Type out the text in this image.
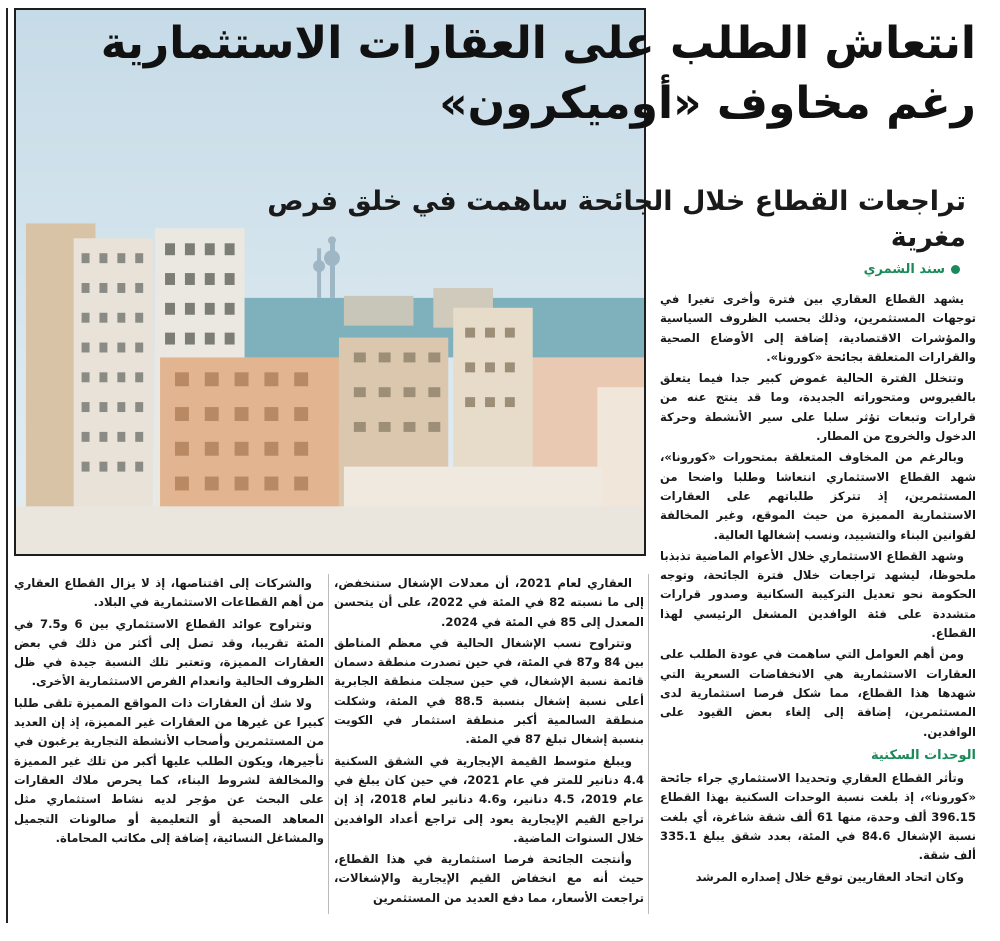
انتعاش الطلب على العقارات الاستثمارية
رغم مخاوف «أوميكرون»
تراجعات القطاع خلال الجائحة ساهمت في خلق فرص مغرية
سند الشمري

يشهد القطاع العقاري بين فترة وأخرى تغيرا في توجهات المستثمرين، وذلك بحسب الظروف السياسية والمؤشرات الاقتصادية، إضافة إلى الأوضاع الصحية والقرارات المتعلقة بجائحة «كورونا».

وتتخلل الفترة الحالية غموض كبير جدا فيما يتعلق بالفيروس ومتحوراته الجديدة، وما قد ينتج عنه من قرارات وتبعات تؤثر سلبا على سير الأنشطة وحركة الدخول والخروج من المطار.

وبالرغم من المخاوف المتعلقة بمتحورات «كورونا»، شهد القطاع الاستثماري انتعاشا وطلبا واضحا من المستثمرين، إذ تتركز طلباتهم على العقارات الاستثمارية المميزة من حيث الموقع، وغير المخالفة لقوانين البناء والتشييد، ونسب إشغالها العالية.

وشهد القطاع الاستثماري خلال الأعوام الماضية تذبذبا ملحوظا، ليشهد تراجعات خلال فترة الجائحة، وتوجه الحكومة نحو تعديل التركيبة السكانية وصدور قرارات متشددة على فئة الوافدين المشغل الرئيسي لهذا القطاع.

ومن أهم العوامل التي ساهمت في عودة الطلب على العقارات الاستثمارية هي الانخفاضات السعرية التي شهدها هذا القطاع، مما شكل فرصا استثمارية لدى المستثمرين، إضافة إلى إلغاء بعض القيود على الوافدين.

الوحدات السكنية

وتأثر القطاع العقاري وتحديدا الاستثماري جراء جائحة «كورونا»، إذ بلغت نسبة الوحدات السكنية بهذا القطاع 396.15 ألف وحدة، منها 61 ألف شقة شاغرة، أي بلغت نسبة الإشغال 84.6 في المئة، بعدد شقق يبلغ 335.1 ألف شقة.

وكان اتحاد العقاريين توقع خلال إصداره المرشد

العقاري لعام 2021، أن معدلات الإشغال ستنخفض، إلى ما نسبته 82 في المئة في 2022، على أن يتحسن المعدل إلى 85 في المئة في 2024.

وتتراوح نسب الإشغال الحالية في معظم المناطق بين 84 و87 في المئة، في حين تصدرت منطقة دسمان قائمة نسبة الإشغال، في حين سجلت منطقة الجابرية أعلى نسبة إشغال بنسبة 88.5 في المئة، وشكلت منطقة السالمية أكبر منطقة استثمار في الكويت بنسبة إشغال تبلغ 87 في المئة.

ويبلغ متوسط القيمة الإيجارية في الشقق السكنية 4.4 دنانير للمتر في عام 2021، في حين كان يبلغ في عام 2019، 4.5 دنانير، و4.6 دنانير لعام 2018، إذ إن تراجع القيم الإيجارية يعود إلى تراجع أعداد الوافدين خلال السنوات الماضية.

وأنتجت الجائحة فرصا استثمارية في هذا القطاع، حيث أنه مع انخفاض القيم الإيجارية والإشغالات، تراجعت الأسعار، مما دفع العديد من المستثمرين

والشركات إلى اقتناصها، إذ لا يزال القطاع العقاري من أهم القطاعات الاستثمارية في البلاد.

وتتراوح عوائد القطاع الاستثماري بين 6 و7.5 في المئة تقريبا، وقد تصل إلى أكثر من ذلك في بعض العقارات المميزة، وتعتبر تلك النسبة جيدة في ظل الظروف الحالية وانعدام الفرص الاستثمارية الأخرى.

ولا شك أن العقارات ذات المواقع المميزة تلقى طلبا كبيرا عن غيرها من العقارات غير المميزة، إذ إن العديد من المستثمرين وأصحاب الأنشطة التجارية يرغبون في تأجيرها، ويكون الطلب عليها أكبر من تلك غير المميزة والمخالفة لشروط البناء، كما يحرص ملاك العقارات على البحث عن مؤجر لديه نشاط استثماري مثل المعاهد الصحية أو التعليمية أو صالونات التجميل والمشاغل النسائية، إضافة إلى مكاتب المحاماة.
